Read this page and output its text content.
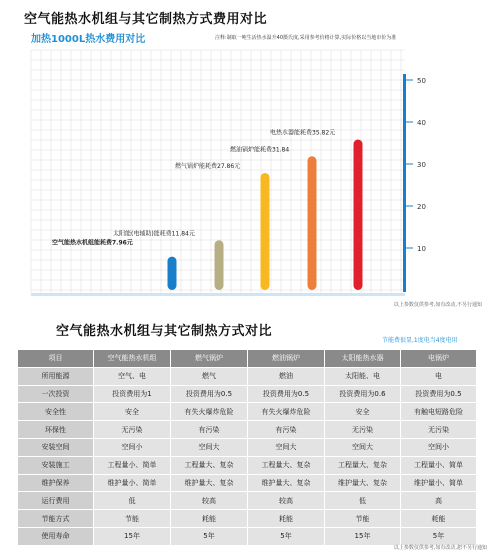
空气能热水机组与其它制热方式费用对比
10
20
30
40
50
空气能热水机组能耗费7.96元
太阳能(电辅助)能耗费11.84元
燃气锅炉能耗费27.86元
燃油锅炉能耗费31.84
电热水器能耗费35.82元
加热1000L热水费用对比	注释:制取一吨生活热水温升40摄氏度,采用参考价格计算,实际价格以当地市价为准
以上参数仅供参考,如有改动,不另行通知
空气能热水机组与其它制热方式对比
节能费很显,1度电当4度电用
项目	空气能热水机组	燃气锅炉	燃油锅炉	太阳能热水器	电锅炉
所用能源	空气、电	燃气	燃油	太阳能、电	电
一次投资	投资费用为1	投资费用为0.5	投资费用为0.5	投资费用为0.6	投资费用为0.5
安全性	安全	有失火爆炸危险	有失火爆炸危险	安全	有触电短路危险
环保性	无污染	有污染	有污染	无污染	无污染
安装空间	空间小	空间大	空间大	空间大	空间小
安装施工	工程量小、简单	工程量大、复杂	工程量大、复杂	工程量大、复杂	工程量小、简单
维护保养	维护量小、简单	维护量大、复杂	维护量大、复杂	维护量大、复杂	维护量小、简单
运行费用	低	较高	较高	低	高
节能方式	节能	耗能	耗能	节能	耗能
使用寿命	15年	5年	5年	15年	5年
以上参数仅供参考,如有改动,恕不另行通知
